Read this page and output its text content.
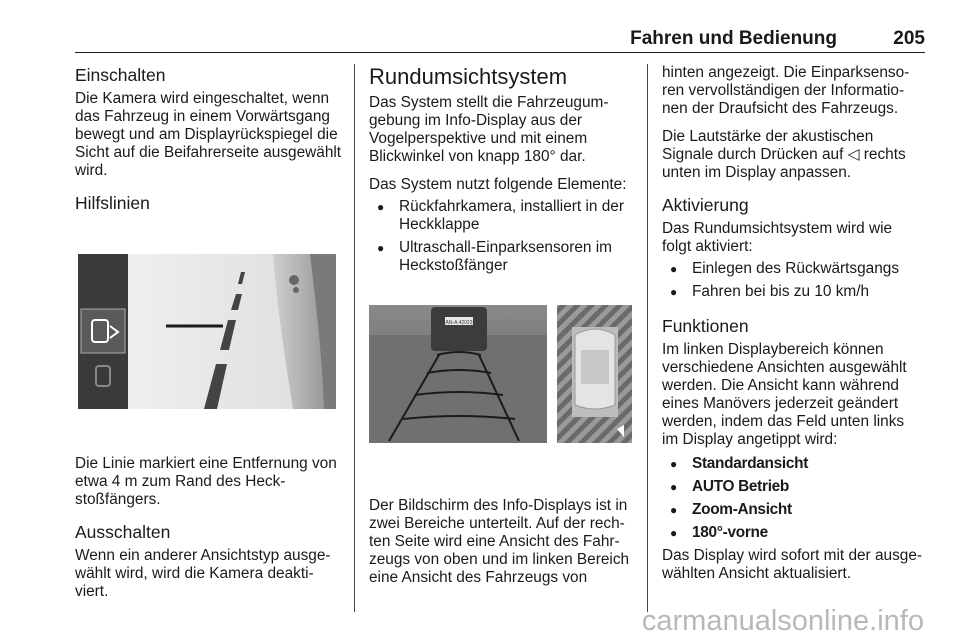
Fahren und Bedienung	205
Einschalten

Die Kamera wird eingeschaltet, wenn das Fahrzeug in einem Vorwärtsgang bewegt und am Displayrückspiegel die Sicht auf die Beifahrerseite ausgewählt wird.

Hilfslinien

Die Linie markiert eine Entfernung von etwa 4 m zum Rand des Heck-stoßfängers.

Ausschalten

Wenn ein anderer Ansichtstyp ausge-wählt wird, wird die Kamera deakti-viert.

Rundumsichtsystem

Das System stellt die Fahrzeugum-gebung im Info-Display aus der Vogelperspektive und mit einem Blickwinkel von knapp 180° dar.

Das System nutzt folgende Elemente:

● Rückfahrkamera, installiert in der Heckklappe
● Ultraschall-Einparksensoren im Heckstoßfänger
AN-A 42023

Der Bildschirm des Info-Displays ist in zwei Bereiche unterteilt. Auf der rech-ten Seite wird eine Ansicht des Fahr-zeugs von oben und im linken Bereich eine Ansicht des Fahrzeugs von

hinten angezeigt. Die Einparksenso-ren vervollständigen der Informatio-nen der Draufsicht des Fahrzeugs.

Die Lautstärke der akustischen Signale durch Drücken auf ◁ rechts unten im Display anpassen.

Aktivierung

Das Rundumsichtsystem wird wie folgt aktiviert:

● Einlegen des Rückwärtsgangs
● Fahren bei bis zu 10 km/h
Funktionen

Im linken Displaybereich können verschiedene Ansichten ausgewählt werden. Die Ansicht kann während eines Manövers jederzeit geändert werden, indem das Feld unten links im Display angetippt wird:

● Standardansicht
● AUTO Betrieb
● Zoom-Ansicht
● 180°-vorne

Das Display wird sofort mit der ausge-wählten Ansicht aktualisiert.

carmanualsonline.info
